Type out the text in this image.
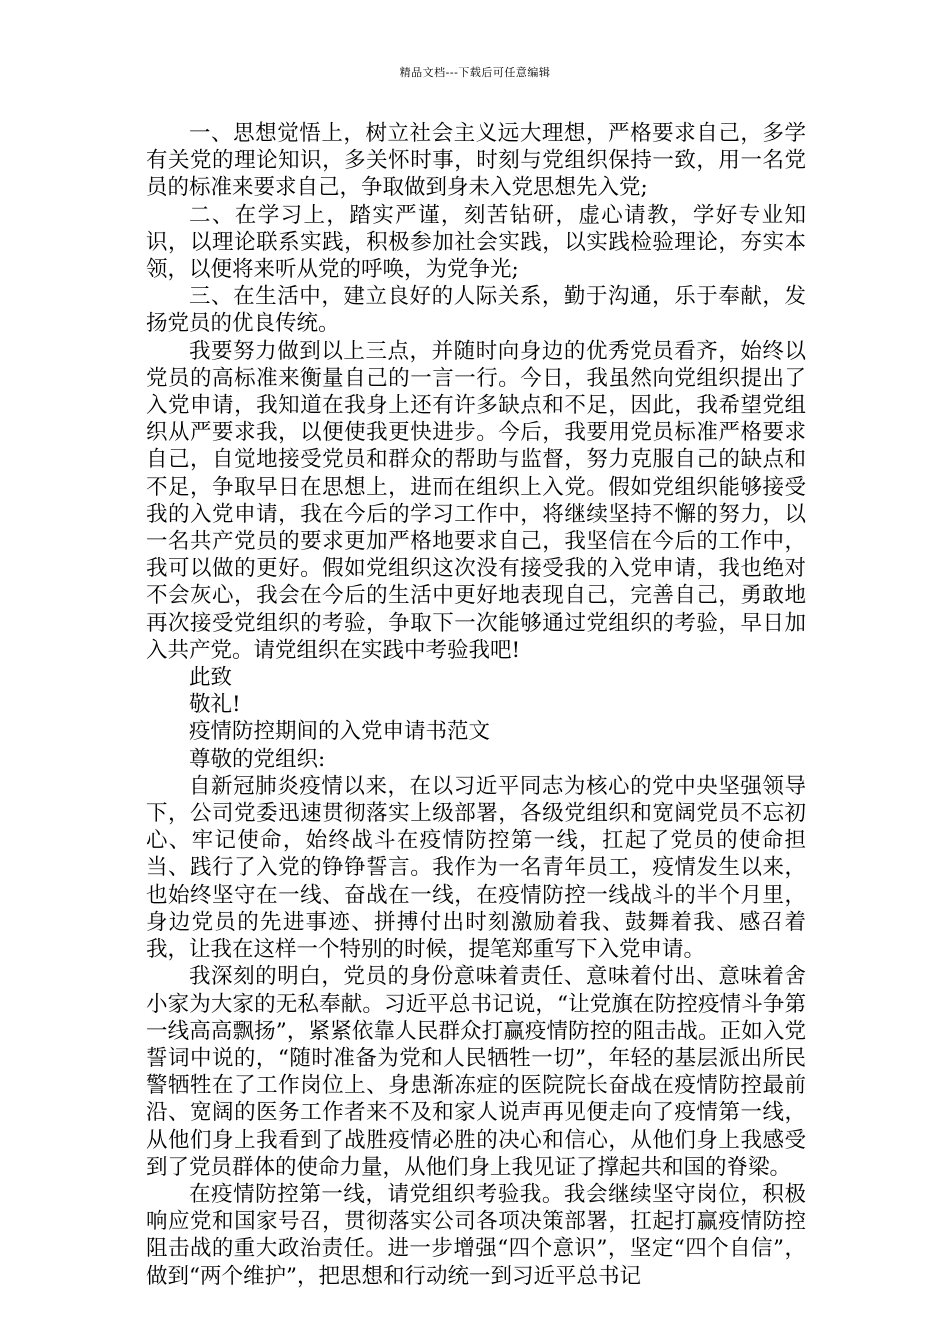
精品文档---下载后可任意编辑

一、思想觉悟上，树立社会主义远大理想，严格要求自己，多学有关党的理论知识，多关怀时事，时刻与党组织保持一致，用一名党员的标准来要求自己，争取做到身未入党思想先入党;

二、在学习上，踏实严谨，刻苦钻研，虚心请教，学好专业知识，以理论联系实践，积极参加社会实践，以实践检验理论，夯实本领，以便将来听从党的呼唤，为党争光;

三、在生活中，建立良好的人际关系，勤于沟通，乐于奉献，发扬党员的优良传统。

我要努力做到以上三点，并随时向身边的优秀党员看齐，始终以党员的高标准来衡量自己的一言一行。今日，我虽然向党组织提出了入党申请，我知道在我身上还有许多缺点和不足，因此，我希望党组织从严要求我，以便使我更快进步。今后，我要用党员标准严格要求自己，自觉地接受党员和群众的帮助与监督，努力克服自己的缺点和不足，争取早日在思想上，进而在组织上入党。假如党组织能够接受我的入党申请，我在今后的学习工作中，将继续坚持不懈的努力，以一名共产党员的要求更加严格地要求自己，我坚信在今后的工作中，我可以做的更好。假如党组织这次没有接受我的入党申请，我也绝对不会灰心，我会在今后的生活中更好地表现自己，完善自己，勇敢地再次接受党组织的考验，争取下一次能够通过党组织的考验，早日加入共产党。请党组织在实践中考验我吧!

此致

敬礼!

疫情防控期间的入党申请书范文

尊敬的党组织:

自新冠肺炎疫情以来，在以习近平同志为核心的党中央坚强领导下，公司党委迅速贯彻落实上级部署，各级党组织和宽阔党员不忘初心、牢记使命，始终战斗在疫情防控第一线，扛起了党员的使命担当、践行了入党的铮铮誓言。我作为一名青年员工，疫情发生以来，也始终坚守在一线、奋战在一线，在疫情防控一线战斗的半个月里，身边党员的先进事迹、拼搏付出时刻激励着我、鼓舞着我、感召着我，让我在这样一个特别的时候，提笔郑重写下入党申请。

我深刻的明白，党员的身份意味着责任、意味着付出、意味着舍小家为大家的无私奉献。习近平总书记说，“让党旗在防控疫情斗争第一线高高飘扬”，紧紧依靠人民群众打赢疫情防控的阻击战。正如入党誓词中说的，“随时准备为党和人民牺牲一切”，年轻的基层派出所民警牺牲在了工作岗位上、身患渐冻症的医院院长奋战在疫情防控最前沿、宽阔的医务工作者来不及和家人说声再见便走向了疫情第一线，从他们身上我看到了战胜疫情必胜的决心和信心，从他们身上我感受到了党员群体的使命力量，从他们身上我见证了撑起共和国的脊梁。

在疫情防控第一线，请党组织考验我。我会继续坚守岗位，积极响应党和国家号召，贯彻落实公司各项决策部署，扛起打赢疫情防控阻击战的重大政治责任。进一步增强“四个意识”，坚定“四个自信”，做到“两个维护”，把思想和行动统一到习近平总书记
